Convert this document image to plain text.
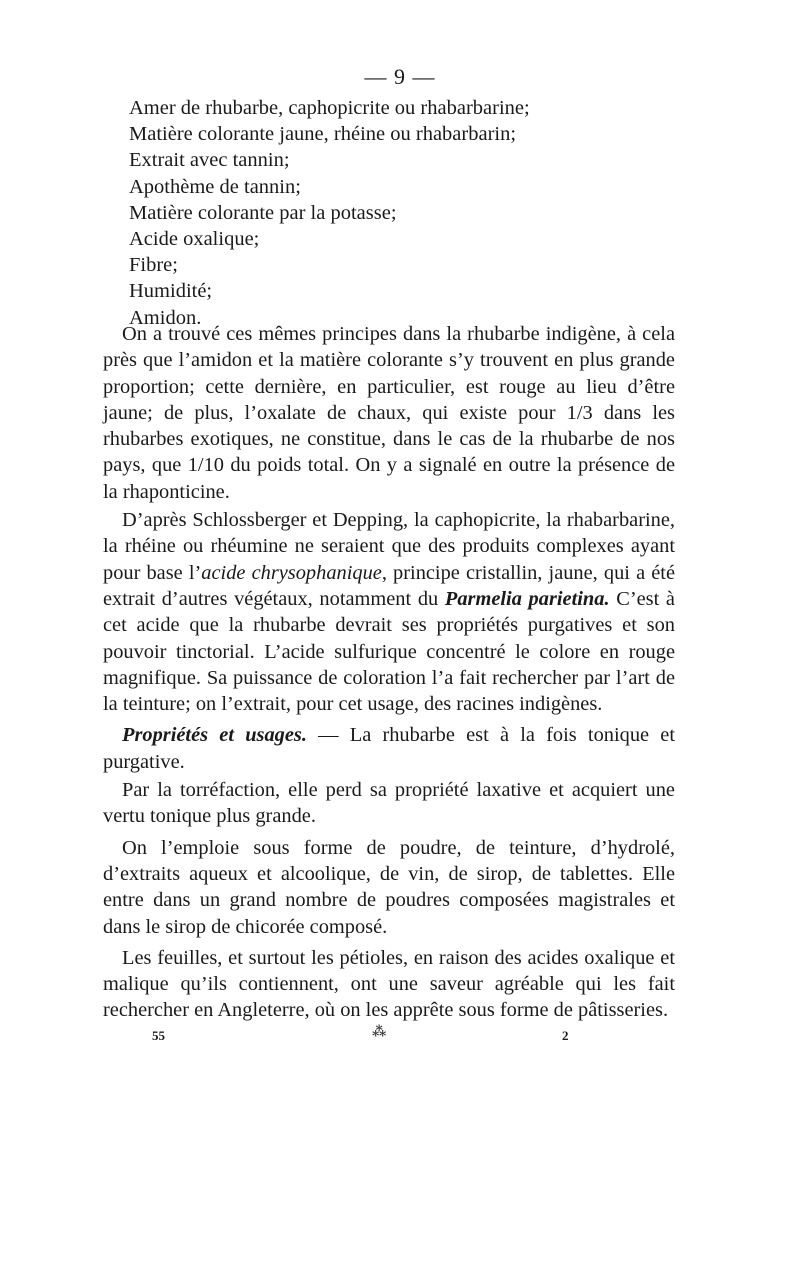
— 9 —
Amer de rhubarbe, caphopicrite ou rhabarbarine;
Matière colorante jaune, rhéine ou rhabarbarin;
Extrait avec tannin;
Apothème de tannin;
Matière colorante par la potasse;
Acide oxalique;
Fibre;
Humidité;
Amidon.

On a trouvé ces mêmes principes dans la rhubarbe indigène, à cela près que l’amidon et la matière colorante s’y trouvent en plus grande proportion; cette dernière, en particulier, est rouge au lieu d’être jaune; de plus, l’oxalate de chaux, qui existe pour 1/3 dans les rhubarbes exotiques, ne constitue, dans le cas de la rhubarbe de nos pays, que 1/10 du poids total. On y a signalé en outre la présence de la rhaponticine.

D’après Schlossberger et Depping, la caphopicrite, la rhabarbarine, la rhéine ou rhéumine ne seraient que des produits complexes ayant pour base l’acide chrysophanique, principe cristallin, jaune, qui a été extrait d’autres végétaux, notamment du Parmelia parietina. C’est à cet acide que la rhubarbe devrait ses propriétés purgatives et son pouvoir tinctorial. L’acide sulfurique concentré le colore en rouge magnifique. Sa puissance de coloration l’a fait rechercher par l’art de la teinture; on l’extrait, pour cet usage, des racines indigènes.

Propriétés et usages. — La rhubarbe est à la fois tonique et purgative.

Par la torréfaction, elle perd sa propriété laxative et acquiert une vertu tonique plus grande.

On l’emploie sous forme de poudre, de teinture, d’hydrolé, d’extraits aqueux et alcoolique, de vin, de sirop, de tablettes. Elle entre dans un grand nombre de poudres composées magistrales et dans le sirop de chicorée composé.

Les feuilles, et surtout les pétioles, en raison des acides oxalique et malique qu’ils contiennent, ont une saveur agréable qui les fait rechercher en Angleterre, où on les apprête sous forme de pâtisseries.

55	⁂	2
